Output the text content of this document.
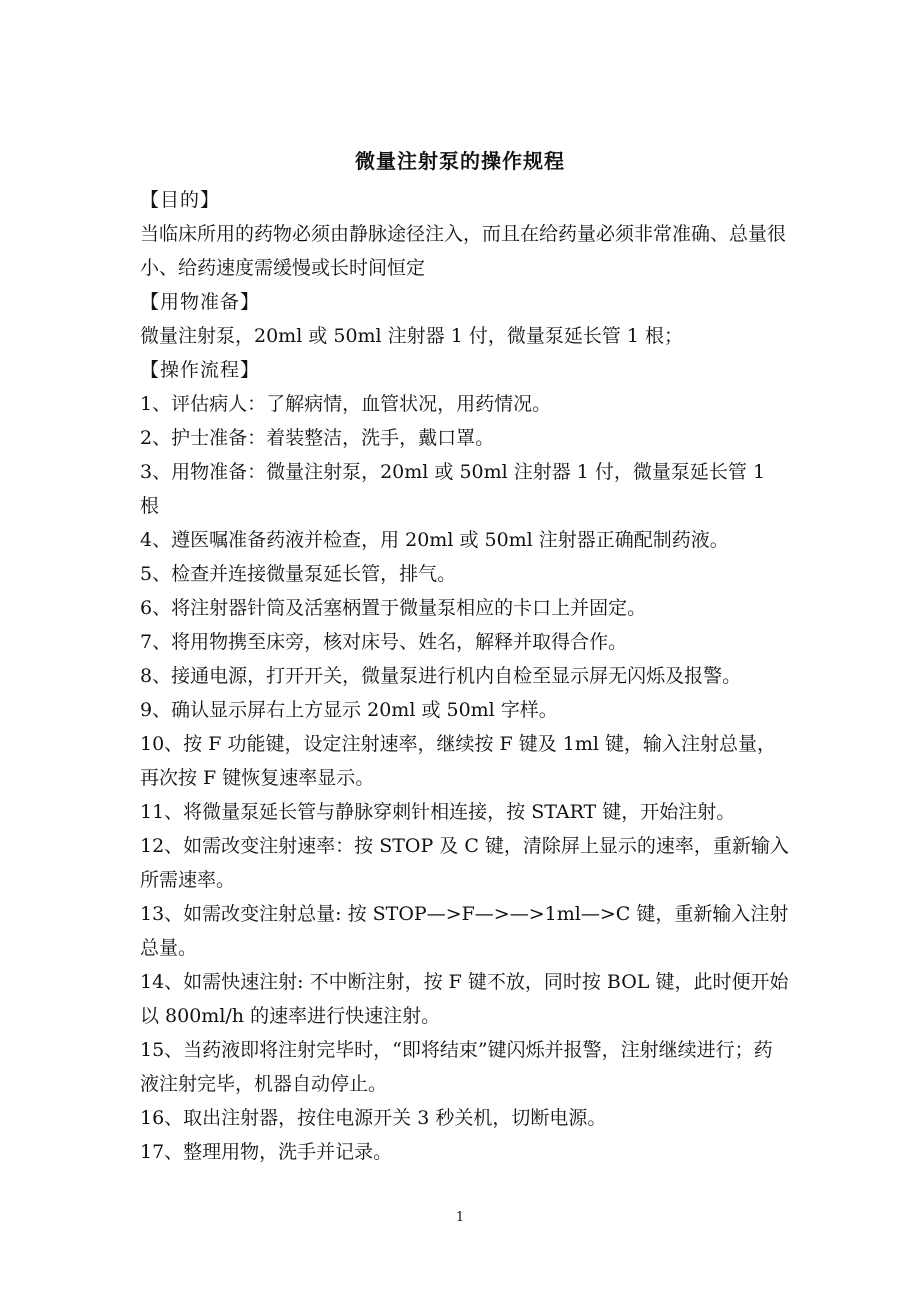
微量注射泵的操作规程

【目的】

当临床所用的药物必须由静脉途径注入，而且在给药量必须非常准确、总量很小、给药速度需缓慢或长时间恒定

【用物准备】

微量注射泵，20ml 或 50ml 注射器 1 付，微量泵延长管 1 根；

【操作流程】

1、评估病人：了解病情，血管状况，用药情况。

2、护士准备：着装整洁，洗手，戴口罩。

3、用物准备：微量注射泵，20ml 或 50ml 注射器 1 付，微量泵延长管 1 根

4、遵医嘱准备药液并检查，用 20ml 或 50ml 注射器正确配制药液。

5、检查并连接微量泵延长管，排气。

6、将注射器针筒及活塞柄置于微量泵相应的卡口上并固定。

7、将用物携至床旁，核对床号、姓名，解释并取得合作。

8、接通电源，打开开关，微量泵进行机内自检至显示屏无闪烁及报警。

9、确认显示屏右上方显示 20ml 或 50ml 字样。

10、按 F 功能键，设定注射速率，继续按 F 键及 1ml 键，输入注射总量，再次按 F 键恢复速率显示。

11、将微量泵延长管与静脉穿刺针相连接，按 START 键，开始注射。

12、如需改变注射速率：按 STOP 及 C 键，清除屏上显示的速率，重新输入所需速率。

13、如需改变注射总量: 按 STOP—>F—>—>1ml—>C 键，重新输入注射总量。

14、如需快速注射: 不中断注射，按 F 键不放，同时按 BOL 键，此时便开始以 800ml/h 的速率进行快速注射。

15、当药液即将注射完毕时，“即将结束”键闪烁并报警，注射继续进行；药液注射完毕，机器自动停止。

16、取出注射器，按住电源开关 3 秒关机，切断电源。

17、整理用物，洗手并记录。

1
